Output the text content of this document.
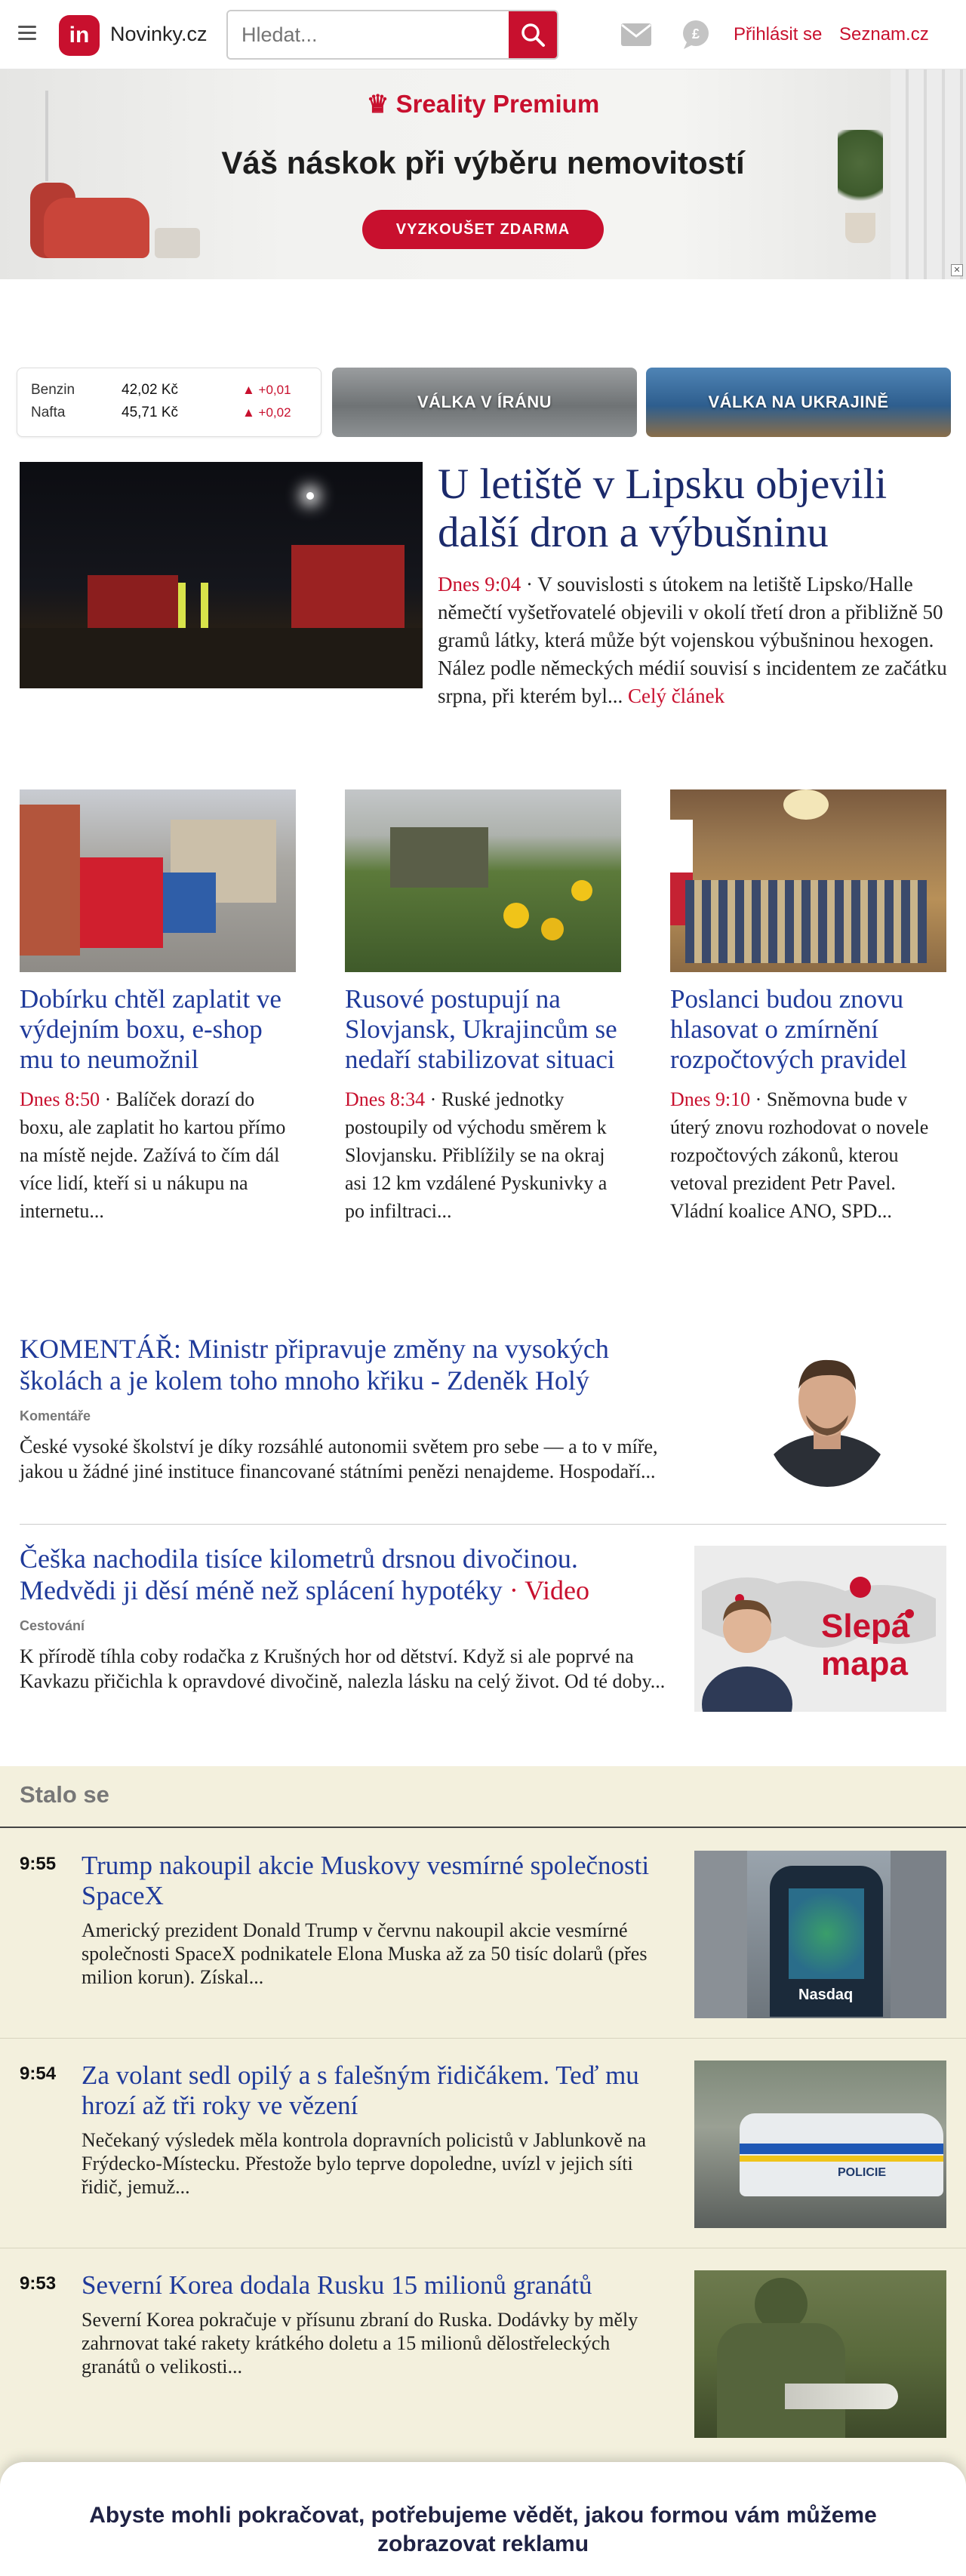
in	Novinky.cz
Hledat...	£ Přihlásit se Seznam.cz
♛ Sreality Premium
Váš náskok při výběru nemovitostí
VYZKOUŠET ZDARMA
✕
Benzin	42,02 Kč	▲ +0,01
Nafta	45,71 Kč	▲ +0,02
VÁLKA V ÍRÁNU	VÁLKA NA UKRAJINĚ
U letiště v Lipsku objevili další dron a výbušninu
Dnes 9:04 · V souvislosti s útokem na letiště Lipsko/Halle němečtí vyšetřovatelé objevili v okolí třetí dron a přibližně 50 gramů látky, která může být vojenskou výbušninou hexogen. Nález podle německých médií souvisí s incidentem ze začátku srpna, při kterém byl... Celý článek
Dobírku chtěl zaplatit ve výdejním boxu, e-shop mu to neumožnil
Dnes 8:50 · Balíček dorazí do boxu, ale zaplatit ho kartou přímo na místě nejde. Zažívá to čím dál více lidí, kteří si u nákupu na internetu...
Rusové postupují na Slovjansk, Ukrajincům se nedaří stabilizovat situaci
Dnes 8:34 · Ruské jednotky postoupily od východu směrem k Slovjansku. Přiblížily se na okraj asi 12 km vzdálené Pyskunivky a po infiltraci...
Poslanci budou znovu hlasovat o zmírnění rozpočtových pravidel
Dnes 9:10 · Sněmovna bude v úterý znovu rozhodovat o novele rozpočtových zákonů, kterou vetoval prezident Petr Pavel. Vládní koalice ANO, SPD...
KOMENTÁŘ: Ministr připravuje změny na vysokých školách a je kolem toho mnoho křiku - Zdeněk Holý
Komentáře
České vysoké školství je díky rozsáhlé autonomii světem pro sebe — a to v míře, jakou u žádné jiné instituce financované státními penězi nenajdeme. Hospodaří...
Češka nachodila tisíce kilometrů drsnou divočinou. Medvědi ji děsí méně než splácení hypotéky · Video
Cestování
K přírodě tíhla coby rodačka z Krušných hor od dětství. Když si ale poprvé na Kavkazu přičichla k opravdové divočině, nalezla lásku na celý život. Od té doby...
Slepá
mapa
Stalo se
9:55 Trump nakoupil akcie Muskovy vesmírné společnosti SpaceX
Americký prezident Donald Trump v červnu nakoupil akcie vesmírné společnosti SpaceX podnikatele Elona Muska až za 50 tisíc dolarů (přes milion korun). Získal...
Nasdaq
9:54 Za volant sedl opilý a s falešným řidičákem. Teď mu hrozí až tři roky ve vězení
Nečekaný výsledek měla kontrola dopravních policistů v Jablunkově na Frýdecko-Místecku. Přestože bylo teprve dopoledne, uvízl v jejich síti řidič, jemuž...
POLICIE
9:53 Severní Korea dodala Rusku 15 milionů granátů
Severní Korea pokračuje v přísunu zbraní do Ruska. Dodávky by měly zahrnovat také rakety krátkého doletu a 15 milionů dělostřeleckých granátů o velikosti...
Abyste mohli pokračovat, potřebujeme vědět, jakou formou vám můžeme zobrazovat reklamu
